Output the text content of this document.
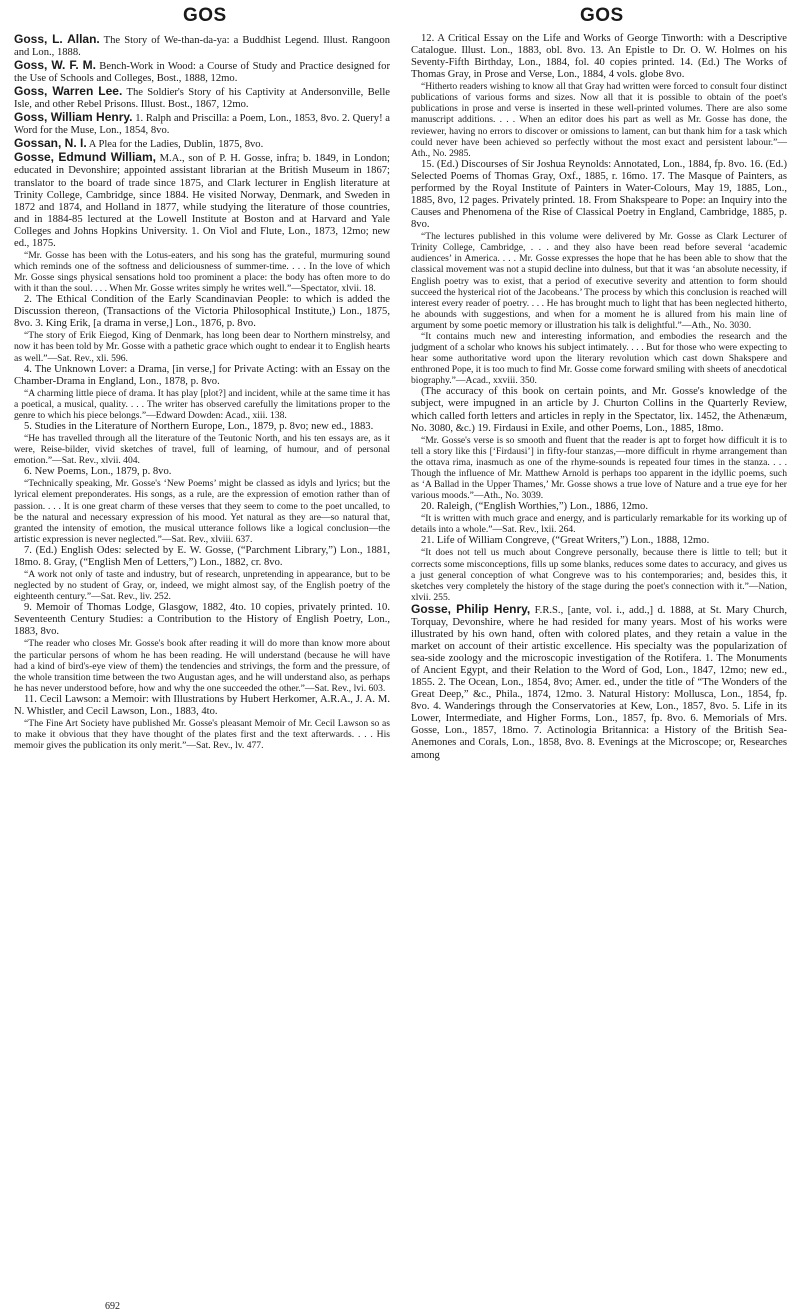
GOS	GOS

Goss, L. Allan. The Story of We-than-da-ya: a Buddhist Legend. Illust. Rangoon and Lon., 1888.

Goss, W. F. M. Bench-Work in Wood: a Course of Study and Practice designed for the Use of Schools and Colleges, Bost., 1888, 12mo.

Goss, Warren Lee. The Soldier's Story of his Captivity at Andersonville, Belle Isle, and other Rebel Prisons. Illust. Bost., 1867, 12mo.

Goss, William Henry. 1. Ralph and Priscilla: a Poem, Lon., 1853, 8vo. 2. Query! a Word for the Muse, Lon., 1854, 8vo.

Gossan, N. I. A Plea for the Ladies, Dublin, 1875, 8vo.

Gosse, Edmund William, M.A., son of P. H. Gosse, infra; b. 1849, in London; educated in Devonshire; appointed assistant librarian at the British Museum in 1867; translator to the board of trade since 1875, and Clark lecturer in English literature at Trinity College, Cambridge, since 1884. He visited Norway, Denmark, and Sweden in 1872 and 1874, and Holland in 1877, while studying the literature of those countries, and in 1884-85 lectured at the Lowell Institute at Boston and at Harvard and Yale Colleges and Johns Hopkins University. 1. On Viol and Flute, Lon., 1873, 12mo; new ed., 1875.

“Mr. Gosse has been with the Lotus-eaters, and his song has the grateful, murmuring sound which reminds one of the softness and deliciousness of summer-time. . . . In the love of which Mr. Gosse sings physical sensations hold too prominent a place: the body has often more to do with it than the soul. . . . When Mr. Gosse writes simply he writes well.”—Spectator, xlvii. 18.

2. The Ethical Condition of the Early Scandinavian People: to which is added the Discussion thereon, (Transactions of the Victoria Philosophical Institute,) Lon., 1875, 8vo. 3. King Erik, [a drama in verse,] Lon., 1876, p. 8vo.

“The story of Erik Eiegod, King of Denmark, has long been dear to Northern minstrelsy, and now it has been told by Mr. Gosse with a pathetic grace which ought to endear it to English hearts as well.”—Sat. Rev., xli. 596.

4. The Unknown Lover: a Drama, [in verse,] for Private Acting: with an Essay on the Chamber-Drama in England, Lon., 1878, p. 8vo.

“A charming little piece of drama. It has play [plot?] and incident, while at the same time it has a poetical, a musical, quality. . . . The writer has observed carefully the limitations proper to the genre to which his piece belongs.”—Edward Dowden: Acad., xiii. 138.

5. Studies in the Literature of Northern Europe, Lon., 1879, p. 8vo; new ed., 1883.

“He has travelled through all the literature of the Teutonic North, and his ten essays are, as it were, Reise-bilder, vivid sketches of travel, full of learning, of humour, and of personal emotion.”—Sat. Rev., xlvii. 404.

6. New Poems, Lon., 1879, p. 8vo.

“Technically speaking, Mr. Gosse's ‘New Poems’ might be classed as idyls and lyrics; but the lyrical element preponderates. His songs, as a rule, are the expression of emotion rather than of passion. . . . It is one great charm of these verses that they seem to come to the poet uncalled, to be the natural and necessary expression of his mood. Yet natural as they are—so natural that, granted the intensity of emotion, the musical utterance follows like a logical conclusion—the artistic expression is never neglected.”—Sat. Rev., xlviii. 637.

7. (Ed.) English Odes: selected by E. W. Gosse, (“Parchment Library,”) Lon., 1881, 18mo. 8. Gray, (“English Men of Letters,”) Lon., 1882, cr. 8vo.

“A work not only of taste and industry, but of research, unpretending in appearance, but to be neglected by no student of Gray, or, indeed, we might almost say, of the English poetry of the eighteenth century.”—Sat. Rev., liv. 252.

9. Memoir of Thomas Lodge, Glasgow, 1882, 4to. 10 copies, privately printed. 10. Seventeenth Century Studies: a Contribution to the History of English Poetry, Lon., 1883, 8vo.

“The reader who closes Mr. Gosse's book after reading it will do more than know more about the particular persons of whom he has been reading. He will understand (because he will have had a kind of bird's-eye view of them) the tendencies and strivings, the form and the pressure, of the whole transition time between the two Augustan ages, and he will understand also, as perhaps he has never understood before, how and why the one succeeded the other.”—Sat. Rev., lvi. 603.

11. Cecil Lawson: a Memoir: with Illustrations by Hubert Herkomer, A.R.A., J. A. M. N. Whistler, and Cecil Lawson, Lon., 1883, 4to.

“The Fine Art Society have published Mr. Gosse's pleasant Memoir of Mr. Cecil Lawson so as to make it obvious that they have thought of the plates first and the text afterwards. . . . His memoir gives the publication its only merit.”—Sat. Rev., lv. 477.

12. A Critical Essay on the Life and Works of George Tinworth: with a Descriptive Catalogue. Illust. Lon., 1883, obl. 8vo. 13. An Epistle to Dr. O. W. Holmes on his Seventy-Fifth Birthday, Lon., 1884, fol. 40 copies printed. 14. (Ed.) The Works of Thomas Gray, in Prose and Verse, Lon., 1884, 4 vols. globe 8vo.

“Hitherto readers wishing to know all that Gray had written were forced to consult four distinct publications of various forms and sizes. Now all that it is possible to obtain of the poet's publications in prose and verse is inserted in these well-printed volumes. There are also some manuscript additions. . . . When an editor does his part as well as Mr. Gosse has done, the reviewer, having no errors to discover or omissions to lament, can but thank him for a task which could never have been achieved so perfectly without the most exact and persistent labour.”—Ath., No. 2985.

15. (Ed.) Discourses of Sir Joshua Reynolds: Annotated, Lon., 1884, fp. 8vo. 16. (Ed.) Selected Poems of Thomas Gray, Oxf., 1885, r. 16mo. 17. The Masque of Painters, as performed by the Royal Institute of Painters in Water-Colours, May 19, 1885, Lon., 1885, 8vo, 12 pages. Privately printed. 18. From Shakspeare to Pope: an Inquiry into the Causes and Phenomena of the Rise of Classical Poetry in England, Cambridge, 1885, p. 8vo.

“The lectures published in this volume were delivered by Mr. Gosse as Clark Lecturer of Trinity College, Cambridge, . . . and they also have been read before several ‘academic audiences’ in America. . . . Mr. Gosse expresses the hope that he has been able to show that the classical movement was not a stupid decline into dulness, but that it was ‘an absolute necessity, if English poetry was to exist, that a period of executive severity and attention to form should succeed the hysterical riot of the Jacobeans.’ The process by which this conclusion is reached will interest every reader of poetry. . . . He has brought much to light that has been neglected hitherto, he abounds with suggestions, and when for a moment he is allured from his main line of argument by some poetic memory or illustration his talk is delightful.”—Ath., No. 3030.

“It contains much new and interesting information, and embodies the research and the judgment of a scholar who knows his subject intimately. . . . But for those who were expecting to hear some authoritative word upon the literary revolution which cast down Shakspere and enthroned Pope, it is too much to find Mr. Gosse come forward smiling with sheets of anecdotical biography.”—Acad., xxviii. 350.

(The accuracy of this book on certain points, and Mr. Gosse's knowledge of the subject, were impugned in an article by J. Churton Collins in the Quarterly Review, which called forth letters and articles in reply in the Spectator, lix. 1452, the Athenæum, No. 3080, &c.) 19. Firdausi in Exile, and other Poems, Lon., 1885, 18mo.

“Mr. Gosse's verse is so smooth and fluent that the reader is apt to forget how difficult it is to tell a story like this [‘Firdausi’] in fifty-four stanzas,—more difficult in rhyme arrangement than the ottava rima, inasmuch as one of the rhyme-sounds is repeated four times in the stanza. . . . Though the influence of Mr. Matthew Arnold is perhaps too apparent in the idyllic poems, such as ‘A Ballad in the Upper Thames,’ Mr. Gosse shows a true love of Nature and a true eye for her various moods.”—Ath., No. 3039.

20. Raleigh, (“English Worthies,”) Lon., 1886, 12mo.

“It is written with much grace and energy, and is particularly remarkable for its working up of details into a whole.”—Sat. Rev., lxii. 264.

21. Life of William Congreve, (“Great Writers,”) Lon., 1888, 12mo.

“It does not tell us much about Congreve personally, because there is little to tell; but it corrects some misconceptions, fills up some blanks, reduces some dates to accuracy, and gives us a just general conception of what Congreve was to his contemporaries; and, besides this, it sketches very completely the history of the stage during the poet's connection with it.”—Nation, xlvii. 255.

Gosse, Philip Henry, F.R.S., [ante, vol. i., add.,] d. 1888, at St. Mary Church, Torquay, Devonshire, where he had resided for many years. Most of his works were illustrated by his own hand, often with colored plates, and they retain a value in the market on account of their artistic excellence. His specialty was the popularization of sea-side zoology and the microscopic investigation of the Rotifera. 1. The Monuments of Ancient Egypt, and their Relation to the Word of God, Lon., 1847, 12mo; new ed., 1855. 2. The Ocean, Lon., 1854, 8vo; Amer. ed., under the title of “The Wonders of the Great Deep,” &c., Phila., 1874, 12mo. 3. Natural History: Mollusca, Lon., 1854, fp. 8vo. 4. Wanderings through the Conservatories at Kew, Lon., 1857, 8vo. 5. Life in its Lower, Intermediate, and Higher Forms, Lon., 1857, fp. 8vo. 6. Memorials of Mrs. Gosse, Lon., 1857, 18mo. 7. Actinologia Britannica: a History of the British Sea-Anemones and Corals, Lon., 1858, 8vo. 8. Evenings at the Microscope; or, Researches among

692
